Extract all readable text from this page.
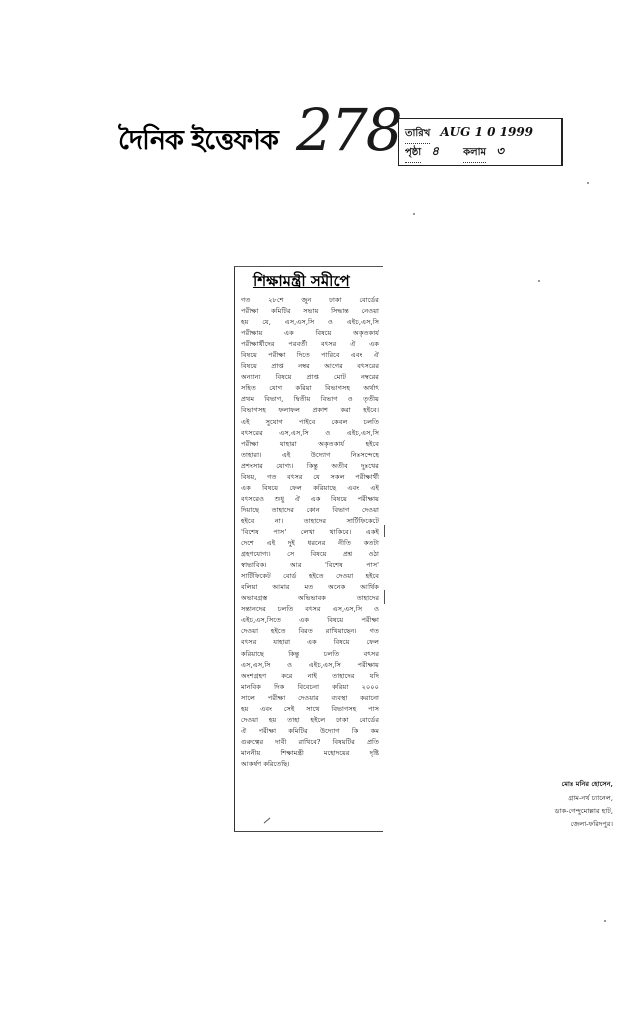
দৈনিক ইত্তেফাক 278 তারিখ AUG 1 0 1999
পৃষ্ঠা ৪ কলাম ৩
শিক্ষামন্ত্রী সমীপে
গত ২৮শে জুন ঢাকা বোর্ডের
পরীক্ষা কমিটির সভায় সিদ্ধান্ত নেওয়া
হয় যে, এস,এস,সি ও এইচ,এস,সি
পরীক্ষায় এক বিষয়ে অকৃতকার্য
পরীক্ষার্থীদের পরবর্তী বৎসর ঐ এক
বিষয়ে পরীক্ষা দিতে পারিবে এবং ঐ
বিষয়ে প্রাপ্ত নম্বর আগের বৎসরের
অন্যান্য বিষয়ে প্রাপ্ত মোট নম্বরের
সহিত যোগ করিয়া বিভাগসহ অর্থাৎ
প্রথম বিভাগ, দ্বিতীয় বিভাগ ও তৃতীয়
বিভাগসহ ফলাফল প্রকাশ করা হইবে।
এই সুযোগ পাইবে কেবল চলতি
বৎসরের এস,এস,সি ও এইচ,এস,সি
পরীক্ষা যাহারা অকৃতকার্য হইবে
তাহারা। এই উদ্যোগ নিঃসন্দেহে
প্রশংসার যোগ্য। কিন্তু অতীব দুঃখের
বিষয়, গত বৎসর যে সকল পরীক্ষার্থী
এক বিষয়ে ফেল করিয়াছে এবং এই
বৎসরেও শুধু ঐ এক বিষয়ে পরীক্ষায়
দিয়াছে তাহাদের কোন বিভাগ দেওয়া
হইবে না। তাহাদের সার্টিফিকেটে
'বিশেষ পাস' লেখা থাকিবে। একই
দেশে এই দুই ধরনের নীতি কতটা
গ্রহণযোগ্য। সে বিষয়ে প্রশ্ন ওঠা
স্বাভাবিক। আর 'বিশেষ পাস'
সার্টিফিকেট বোর্ড হইতে দেওয়া হইবে
বলিয়া আমার মত অনেক আর্থিক
অভাবগ্রস্ত অভিভাবক তাহাদের
সন্তানদের চলতি বৎসর এস,এস,সি ও
এইচ,এস,সিতে এক বিষয়ে পরীক্ষা
দেওয়া হইতে বিরত রাখিয়াছেন। গত
বৎসর যাহারা এক বিষয়ে ফেল
করিয়াছে কিন্তু চলতি বৎসর
এস,এস,সি ও এইচ,এস,সি পরীক্ষায়
অংশগ্রহণ করে নাই তাহাদের যদি
মানবিক দিক বিবেচনা করিয়া ২০০০
সালে পরীক্ষা দেওয়ার ব্যবস্থা করানো
হয় এবং সেই সাথে বিভাগসহ পাস
দেওয়া হয় তাহা হইলে ঢাকা বোর্ডের
ঐ পরীক্ষা কমিটির উদ্যোগ কি কম
গুরুত্বের দাবী রাখিবে? বিষয়টির প্রতি
মাননীয় শিক্ষামন্ত্রী মহোদয়ের দৃষ্টি
আকর্ষণ করিতেছি।
মোঃ মনির হোসেন,
গ্রাম-নর্থ চ্যানেল,
ডাক-গেন্দুমোল্লার হাট,
জেলা-ফরিদপুর।
